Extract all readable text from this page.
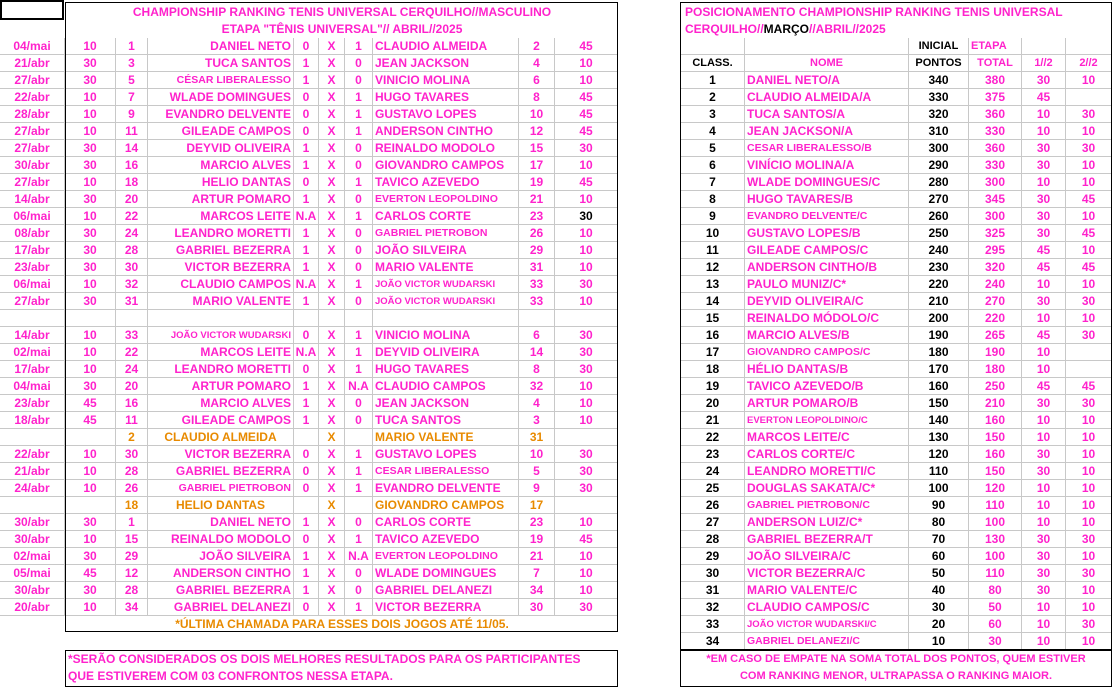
CHAMPIONSHIP RANKING TENIS UNIVERSAL CERQUILHO//MASCULINO
ETAPA "TÊNIS UNIVERSAL"// ABRIL//2025
POSICIONAMENTO CHAMPIONSHIP RANKING TENIS UNIVERSAL
CERQUILHO//MARÇO//ABRIL//2025
04/mai	10	1	DANIEL NETO 0	X	1	CLAUDIO ALMEIDA	2	45
21/abr	30	3	TUCA SANTOS 1	X	0	JEAN JACKSON	4	10
27/abr	30	5	CÉSAR LIBERALESSO 1	X	0	VINICIO MOLINA	6	10
22/abr	10	7	WLADE DOMINGUES 0	X	1	HUGO TAVARES	8	45
28/abr	10	9	EVANDRO DELVENTE 0	X	1	GUSTAVO LOPES	10	45
27/abr	10	11	GILEADE CAMPOS 0	X	1	ANDERSON CINTHO	12	45
27/abr	30	14	DEYVID OLIVEIRA 1	X	0	REINALDO MODOLO	15	30
30/abr	30	16	MARCIO ALVES 1	X	0	GIOVANDRO CAMPOS	17	10
27/abr	10	18	HELIO DANTAS 0	X	1	TAVICO AZEVEDO	19	45
14/abr	30	20	ARTUR POMARO 1	X	0	EVERTON LEOPOLDINO	21	10
06/mai	10	22	MARCOS LEITE N.A X	1	CARLOS CORTE	23	30
08/abr	30	24	LEANDRO MORETTI 1	X	0	GABRIEL PIETROBON	26	10
17/abr	30	28	GABRIEL BEZERRA 1	X	0	JOÃO SILVEIRA	29	10
23/abr	30	30	VICTOR BEZERRA 1	X	0	MARIO VALENTE	31	10
06/mai	10	32	CLAUDIO CAMPOS N.A X	1	JOÃO VICTOR WUDARSKI	33	30
27/abr	30	31	MARIO VALENTE 1	X	0	JOÃO VICTOR WUDARSKI	33	10
14/abr	10	33	JOÃO VICTOR WUDARSKI 0	X	1	VINICIO MOLINA	6	30
02/mai	10	22	MARCOS LEITE N.A X	1	DEYVID OLIVEIRA	14	30
17/abr	10	24	LEANDRO MORETTI 0	X	1	HUGO TAVARES	8	30
04/mai	30	20	ARTUR POMARO 1	X	N.A CLAUDIO CAMPOS	32	10
23/abr	45	16	MARCIO ALVES 1	X	0	JEAN JACKSON	4	10
18/abr	45	11	GILEADE CAMPOS 1	X	0	TUCA SANTOS	3	10
2	CLAUDIO ALMEIDA	X	MARIO VALENTE	31
22/abr	10	30	VICTOR BEZERRA 0	X	1	GUSTAVO LOPES	10	30
21/abr	10	28	GABRIEL BEZERRA 0	X	1	CESAR LIBERALESSO	5	30
24/abr	10	26	GABRIEL PIETROBON 0	X	1	EVANDRO DELVENTE	9	30
18	HELIO DANTAS	X	GIOVANDRO CAMPOS	17
30/abr	30	1	DANIEL NETO 1	X	0	CARLOS CORTE	23	10
30/abr	10	15	REINALDO MODOLO 0	X	1	TAVICO AZEVEDO	19	45
02/mai	30	29	JOÃO SILVEIRA 1	X	N.A EVERTON LEOPOLDINO	21	10
05/mai	45	12	ANDERSON CINTHO 1	X	0	WLADE DOMINGUES	7	10
30/abr	30	28	GABRIEL BEZERRA 1	X	0	GABRIEL DELANEZI	34	10
20/abr	10	34	GABRIEL DELANEZI 0	X	1	VICTOR BEZERRA	30	30
INICIAL	ETAPA
CLASS.	NOME	PONTOS	TOTAL	1//2	2//2
1	DANIEL NETO/A	340	380	30	10
2	CLAUDIO ALMEIDA/A	330	375	45
3	TUCA SANTOS/A	320	360	10	30
4	JEAN JACKSON/A	310	330	10	10
5	CESAR LIBERALESSO/B	300	360	30	30
6	VINÍCIO MOLINA/A	290	330	30	10
7	WLADE DOMINGUES/C	280	300	10	10
8	HUGO TAVARES/B	270	345	30	45
9	EVANDRO DELVENTE/C	260	300	30	10
10	GUSTAVO LOPES/B	250	325	30	45
11	GILEADE CAMPOS/C	240	295	45	10
12	ANDERSON CINTHO/B	230	320	45	45
13	PAULO MUNIZ/C*	220	240	10	10
14	DEYVID OLIVEIRA/C	210	270	30	30
15	REINALDO MÓDOLO/C	200	220	10	10
16	MARCIO ALVES/B	190	265	45	30
17	GIOVANDRO CAMPOS/C	180	190	10
18	HÉLIO DANTAS/B	170	180	10
19	TAVICO AZEVEDO/B	160	250	45	45
20	ARTUR POMARO/B	150	210	30	30
21	EVERTON LEOPOLDINO/C	140	160	10	10
22	MARCOS LEITE/C	130	150	10	10
23	CARLOS CORTE/C	120	160	30	10
24	LEANDRO MORETTI/C	110	150	30	10
25	DOUGLAS SAKATA/C*	100	120	10	10
26	GABRIEL PIETROBON/C	90	110	10	10
27	ANDERSON LUIZ/C*	80	100	10	10
28	GABRIEL BEZERRA/T	70	130	30	30
29	JOÃO SILVEIRA/C	60	100	30	10
30	VICTOR BEZERRA/C	50	110	30	30
31	MARIO VALENTE/C	40	80	30	10
32	CLAUDIO CAMPOS/C	30	50	10	10
33	JOÃO VICTOR WUDARSKI/C	20	60	10	30
34	GABRIEL DELANEZI/C	10	30	10	10
*ÚLTIMA CHAMADA PARA ESSES DOIS JOGOS ATÉ 11/05.
*SERÃO CONSIDERADOS OS DOIS MELHORES RESULTADOS PARA OS PARTICIPANTES
QUE ESTIVEREM COM 03 CONFRONTOS NESSA ETAPA.
*EM CASO DE EMPATE NA SOMA TOTAL DOS PONTOS, QUEM ESTIVER
COM RANKING MENOR, ULTRAPASSA O RANKING MAIOR.
